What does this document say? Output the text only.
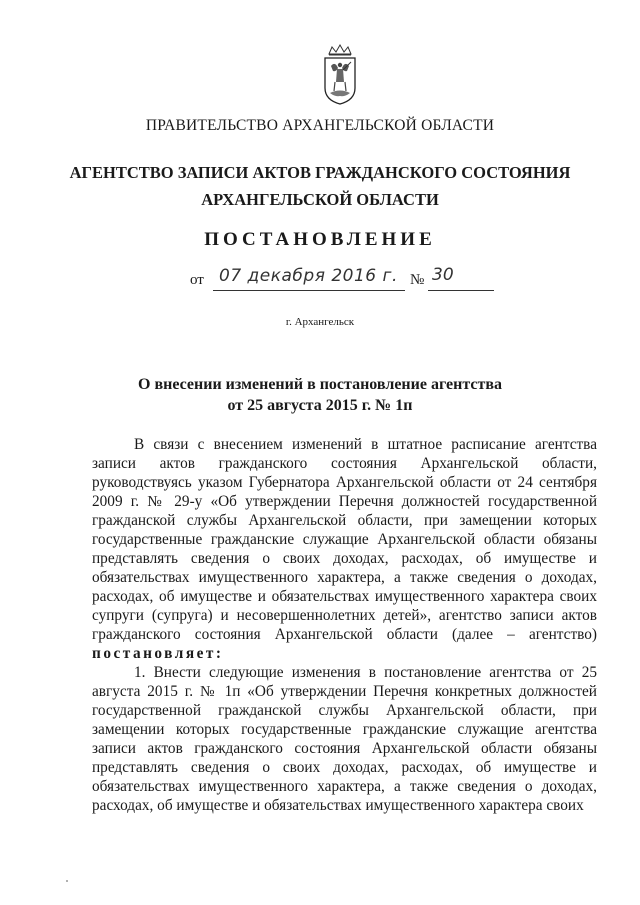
ПРАВИТЕЛЬСТВО АРХАНГЕЛЬСКОЙ ОБЛАСТИ
АГЕНТСТВО ЗАПИСИ АКТОВ ГРАЖДАНСКОГО СОСТОЯНИЯ
АРХАНГЕЛЬСКОЙ ОБЛАСТИ
ПОСТАНОВЛЕНИЕ
от 07 декабря 2016 г. № 30
г. Архангельск
О внесении изменений в постановление агентства
от 25 августа 2015 г. № 1п

В связи с внесением изменений в штатное расписание агентства записи актов гражданского состояния Архангельской области, руководствуясь указом Губернатора Архангельской области от 24 сентября 2009 г. № 29-у «Об утверждении Перечня должностей государственной гражданской службы Архангельской области, при замещении которых государственные гражданские служащие Архангельской области обязаны представлять сведения о своих доходах, расходах, об имуществе и обязательствах имущественного характера, а также сведения о доходах, расходах, об имуществе и обязательствах имущественного характера своих супруги (супруга) и несовершеннолетних детей», агентство записи актов гражданского состояния Архангельской области (далее – агентство) постановляет:

1. Внести следующие изменения в постановление агентства от 25 августа 2015 г. № 1п «Об утверждении Перечня конкретных должностей государственной гражданской службы Архангельской области, при замещении которых государственные гражданские служащие агентства записи актов гражданского состояния Архангельской области обязаны представлять сведения о своих доходах, расходах, об имуществе и обязательствах имущественного характера, а также сведения о доходах, расходах, об имуществе и обязательствах имущественного характера своих
